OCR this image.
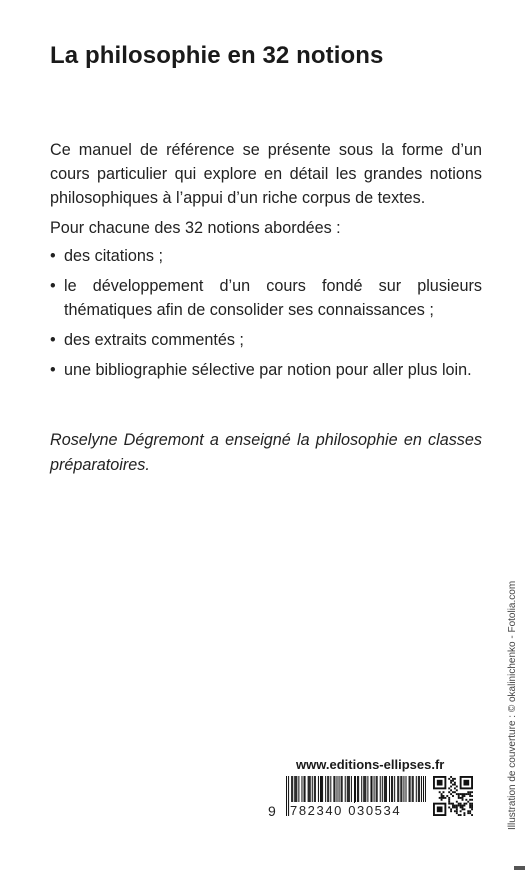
La philosophie en 32 notions

Ce manuel de référence se présente sous la forme d’un cours particulier qui explore en détail les grandes notions philosophiques à l’appui d’un riche corpus de textes.

Pour chacune des 32 notions abordées :

• des citations ;
• le développement d’un cours fondé sur plusieurs thématiques afin de consolider ses connaissances ;
• des extraits commentés ;
• une bibliographie sélective par notion pour aller plus loin.

Roselyne Dégremont a enseigné la philosophie en classes préparatoires.

Illustration de couverture : © okalinichenko - Fotolia.com
www.editions-ellipses.fr
9 782340 030534
